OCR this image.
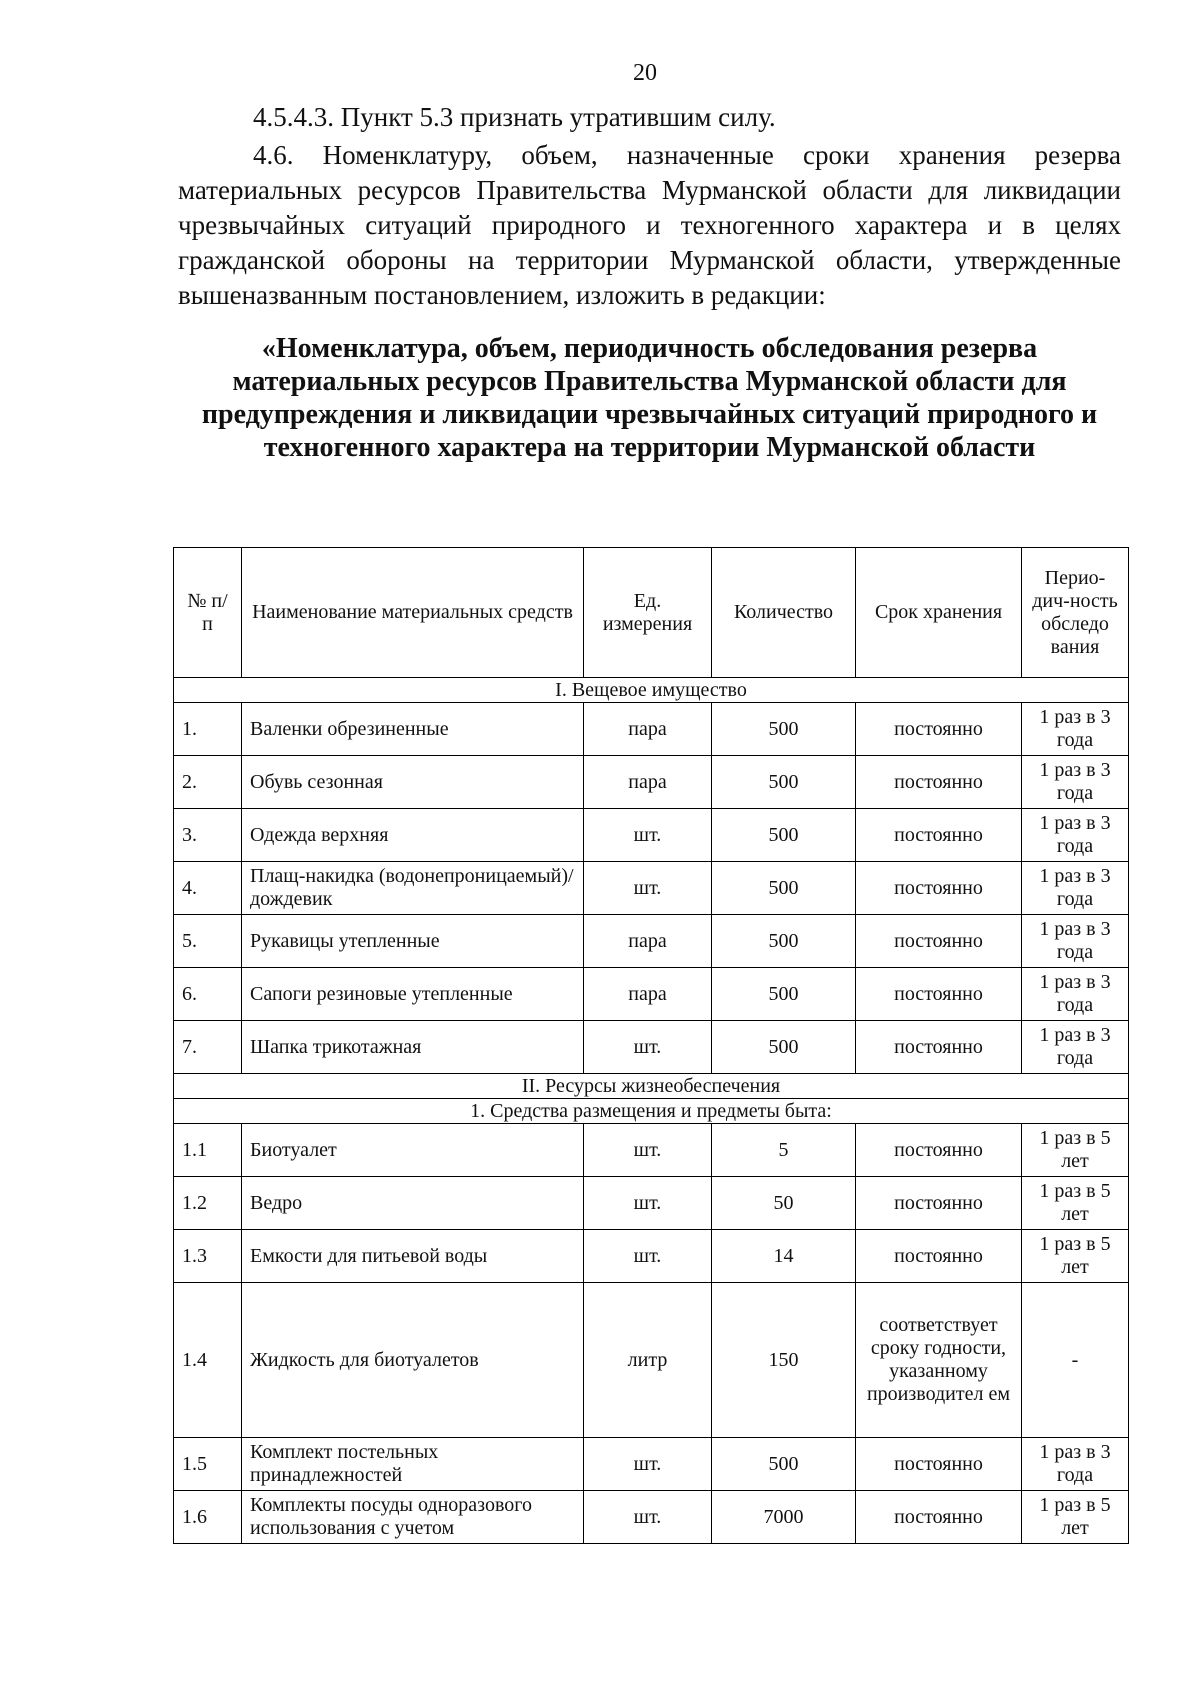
20

4.5.4.3. Пункт 5.3 признать утратившим силу.

4.6. Номенклатуру, объем, назначенные сроки хранения резерва материальных ресурсов Правительства Мурманской области для ликвидации чрезвычайных ситуаций природного и техногенного характера и в целях гражданской обороны на территории Мурманской области, утвержденные вышеназванным постановлением, изложить в редакции:

«Номенклатура, объем, периодичность обследования резерва материальных ресурсов Правительства Мурманской области для предупреждения и ликвидации чрезвычайных ситуаций природного и техногенного характера на территории Мурманской области
№ п/п	Наименование материальных средств	Ед. измерения	Количество	Срок хранения	Перио-дич-ность обследо вания
I. Вещевое имущество					
1.	Валенки обрезиненные	пара	500	постоянно	1 раз в 3 года
2.	Обувь сезонная	пара	500	постоянно	1 раз в 3 года
3.	Одежда верхняя	шт.	500	постоянно	1 раз в 3 года
4.	Плащ-накидка (водонепроницаемый)/дождевик	шт.	500	постоянно	1 раз в 3 года
5.	Рукавицы утепленные	пара	500	постоянно	1 раз в 3 года
6.	Сапоги резиновые утепленные	пара	500	постоянно	1 раз в 3 года
7.	Шапка трикотажная	шт.	500	постоянно	1 раз в 3 года
II. Ресурсы жизнеобеспечения					
1. Средства размещения и предметы быта:					
1.1	Биотуалет	шт.	5	постоянно	1 раз в 5 лет
1.2	Ведро	шт.	50	постоянно	1 раз в 5 лет
1.3	Емкости для питьевой воды	шт.	14	постоянно	1 раз в 5 лет
1.4	Жидкость для биотуалетов	литр	150	соответствует сроку годности, указанному производител ем	-
1.5	Комплект постельных принадлежностей	шт.	500	постоянно	1 раз в 3 года
1.6	Комплекты посуды одноразового использования с учетом	шт.	7000	постоянно	1 раз в 5 лет
